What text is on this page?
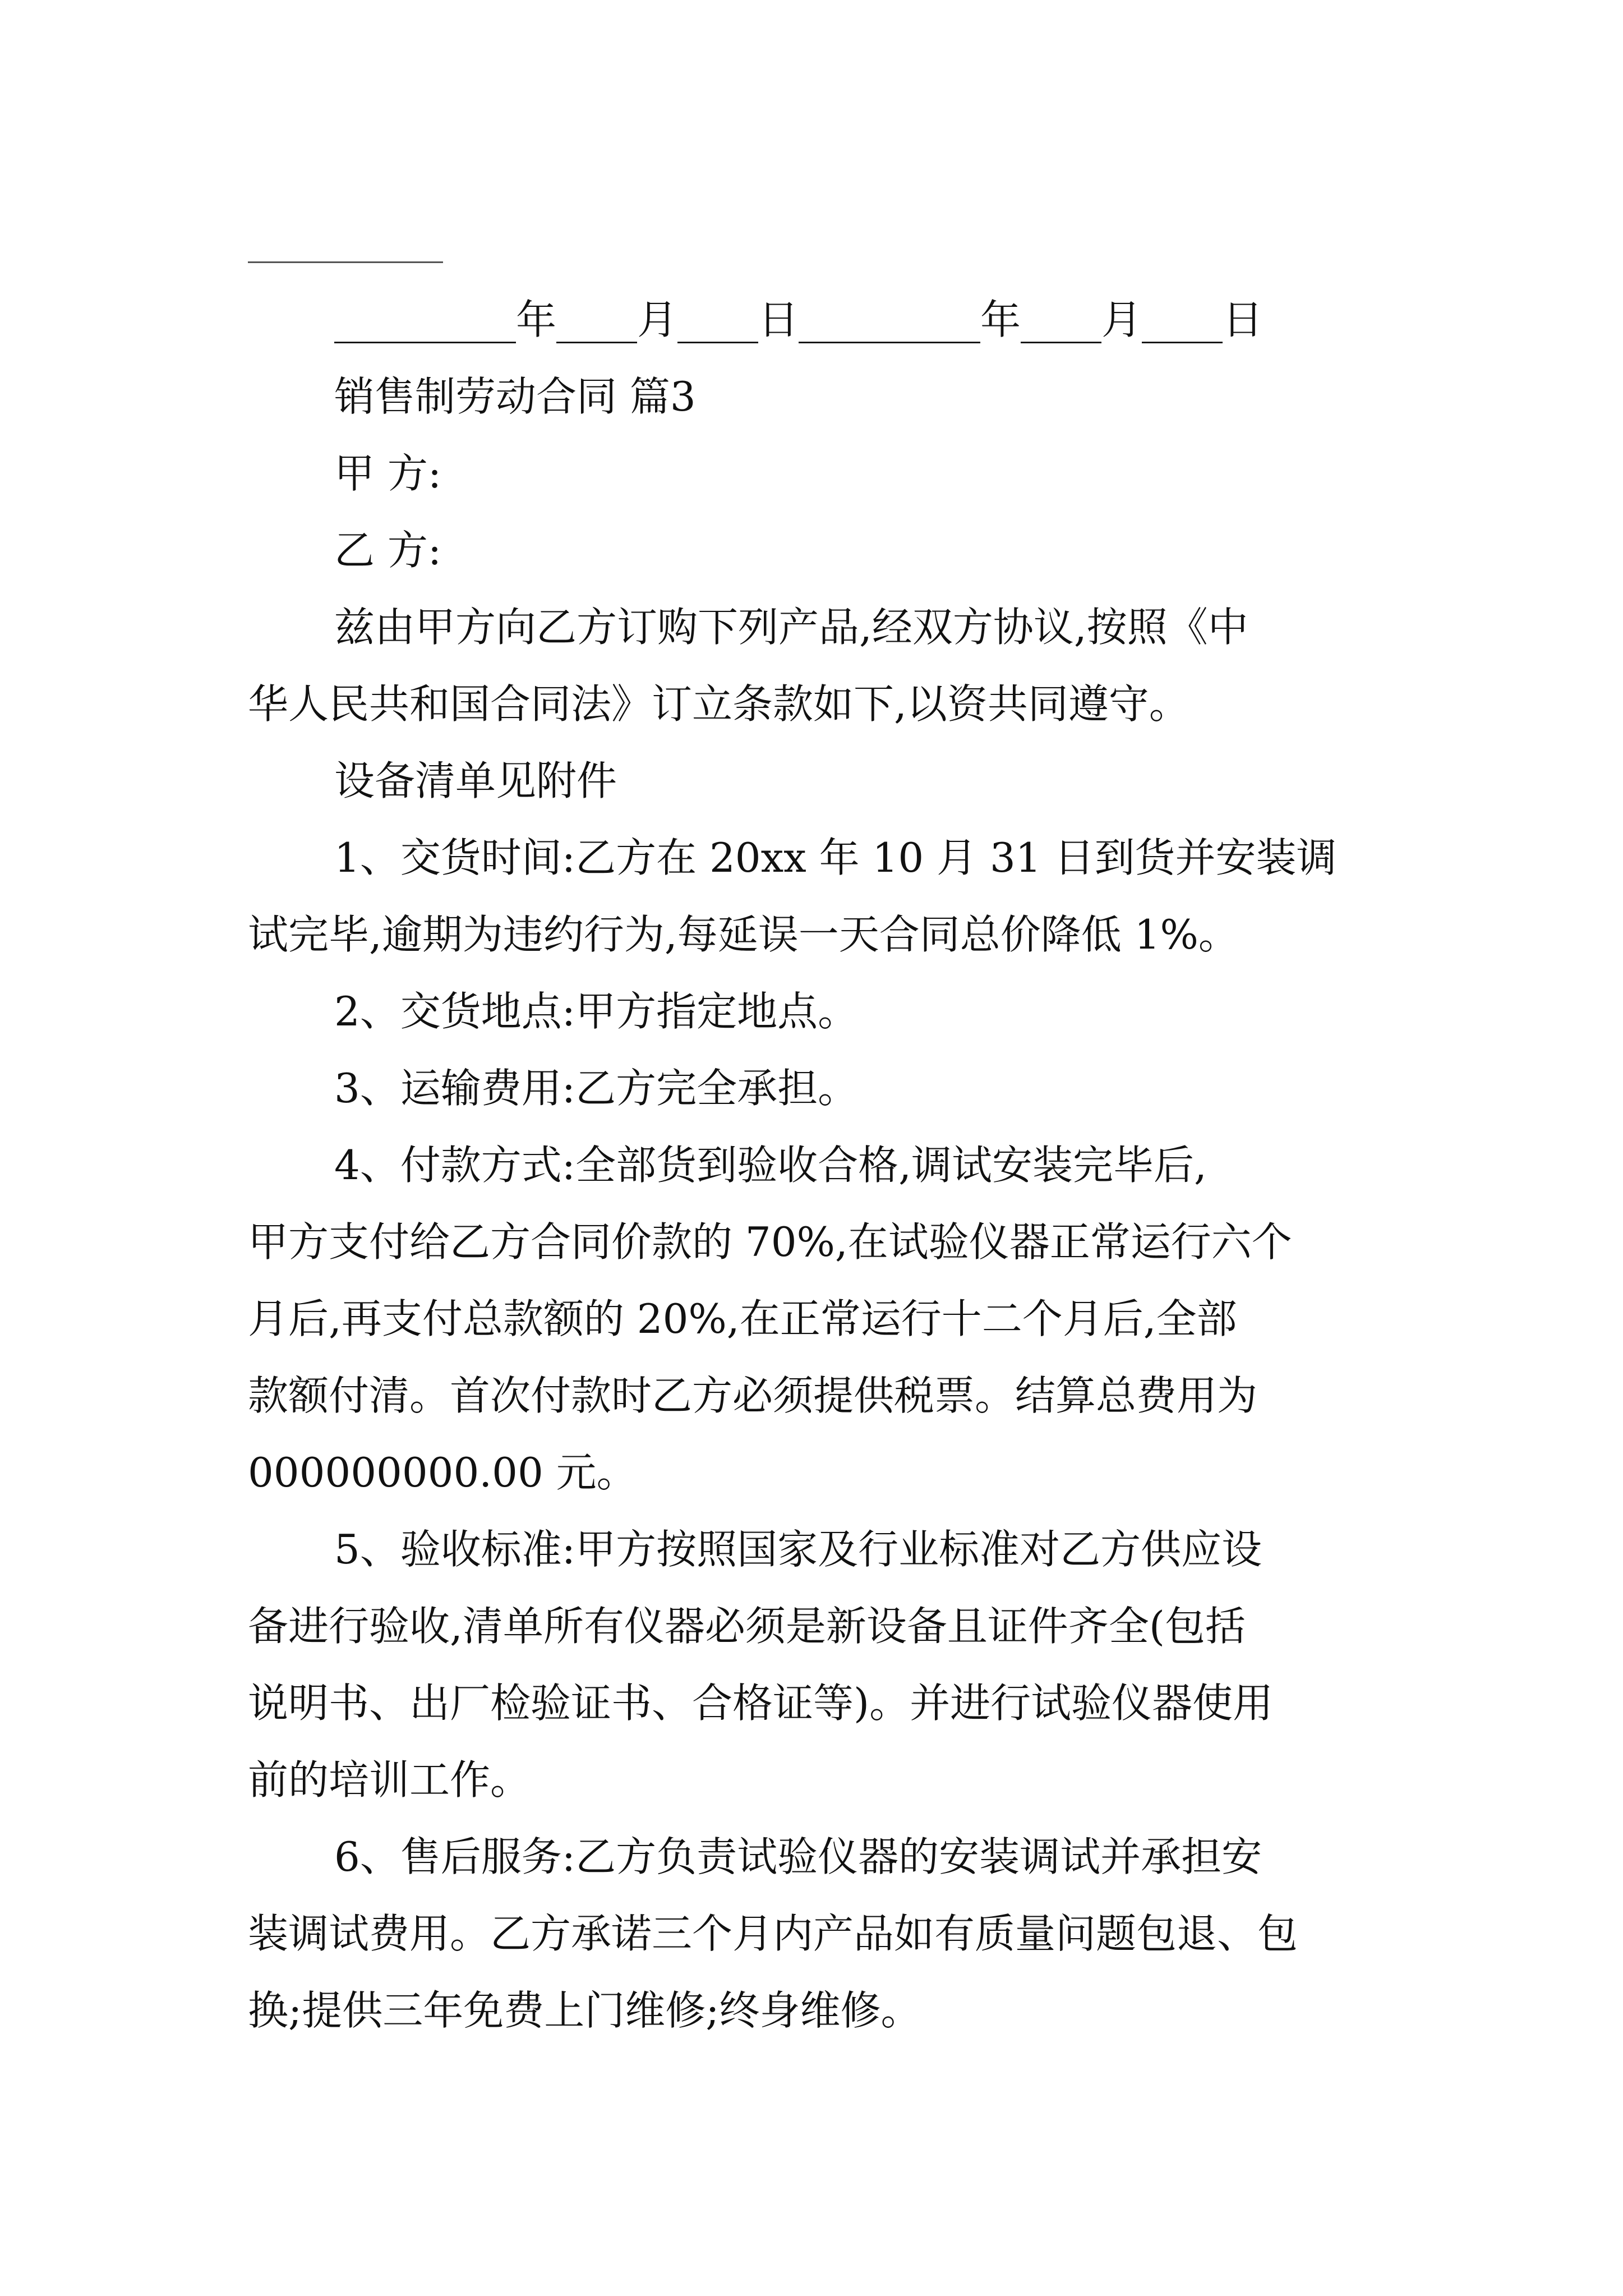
_________年____月____日_________年____月____日

销售制劳动合同 篇3

甲 方:

乙 方:

兹由甲方向乙方订购下列产品,经双方协议,按照《中

华人民共和国合同法》订立条款如下,以资共同遵守。

设备清单见附件

1、交货时间:乙方在 20xx 年 10 月 31 日到货并安装调

试完毕,逾期为违约行为,每延误一天合同总价降低 1%。

2、交货地点:甲方指定地点。

3、运输费用:乙方完全承担。

4、付款方式:全部货到验收合格,调试安装完毕后,

甲方支付给乙方合同价款的 70%,在试验仪器正常运行六个

月后,再支付总款额的 20%,在正常运行十二个月后,全部

款额付清。首次付款时乙方必须提供税票。结算总费用为

000000000.00 元。

5、验收标准:甲方按照国家及行业标准对乙方供应设

备进行验收,清单所有仪器必须是新设备且证件齐全(包括

说明书、出厂检验证书、合格证等)。并进行试验仪器使用

前的培训工作。

6、售后服务:乙方负责试验仪器的安装调试并承担安

装调试费用。乙方承诺三个月内产品如有质量问题包退、包

换;提供三年免费上门维修;终身维修。
